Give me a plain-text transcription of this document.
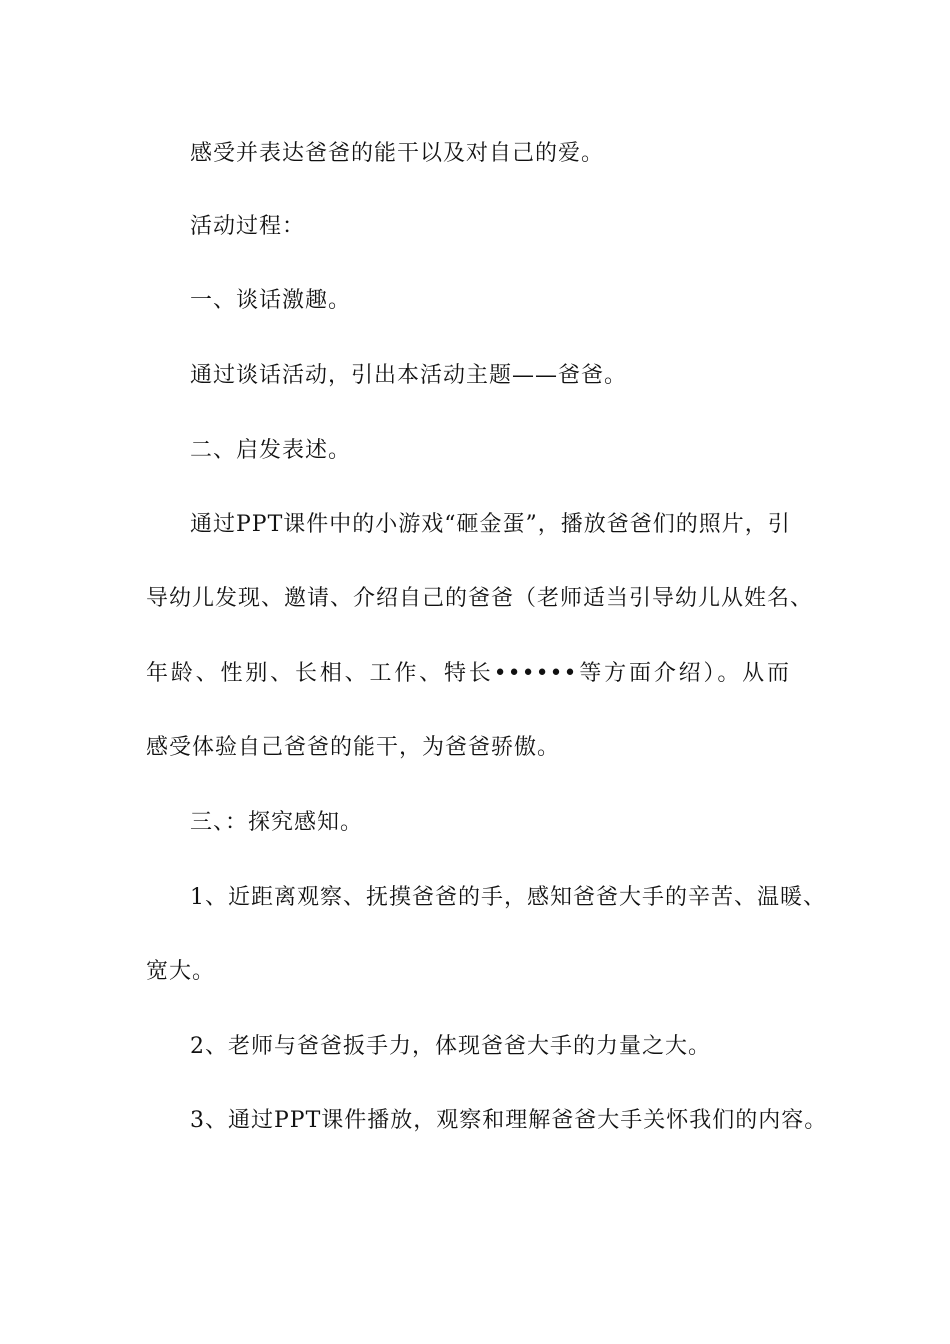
感受并表达爸爸的能干以及对自己的爱。
活动过程：
一、谈话激趣。
通过谈话活动，引出本活动主题——爸爸。
二、启发表述。
通过PPT课件中的小游戏“砸金蛋”，播放爸爸们的照片，引
导幼儿发现、邀请、介绍自己的爸爸（老师适当引导幼儿从姓名、
年龄、性别、长相、工作、特长••••••等方面介绍）。从而
感受体验自己爸爸的能干，为爸爸骄傲。
三、：探究感知。
1、近距离观察、抚摸爸爸的手，感知爸爸大手的辛苦、温暖、
宽大。
2、老师与爸爸扳手力，体现爸爸大手的力量之大。
3、通过PPT课件播放，观察和理解爸爸大手关怀我们的内容。
